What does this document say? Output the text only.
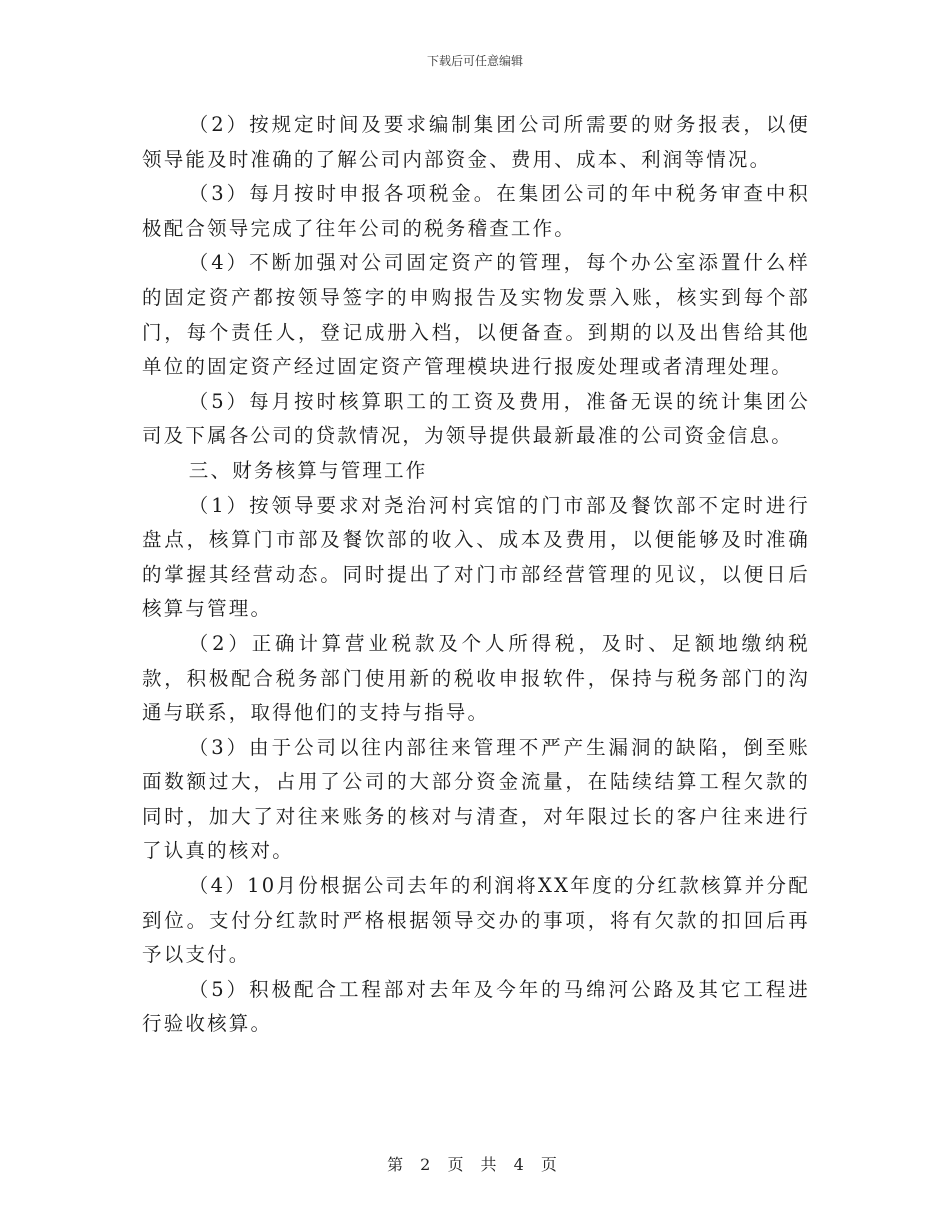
下载后可任意编辑

（2）按规定时间及要求编制集团公司所需要的财务报表，以便领导能及时准确的了解公司内部资金、费用、成本、利润等情况。

（3）每月按时申报各项税金。在集团公司的年中税务审查中积极配合领导完成了往年公司的税务稽查工作。

（4）不断加强对公司固定资产的管理，每个办公室添置什么样的固定资产都按领导签字的申购报告及实物发票入账，核实到每个部门，每个责任人，登记成册入档，以便备查。到期的以及出售给其他单位的固定资产经过固定资产管理模块进行报废处理或者清理处理。

（5）每月按时核算职工的工资及费用，准备无误的统计集团公司及下属各公司的贷款情况，为领导提供最新最准的公司资金信息。

三、财务核算与管理工作

（1）按领导要求对尧治河村宾馆的门市部及餐饮部不定时进行盘点，核算门市部及餐饮部的收入、成本及费用，以便能够及时准确的掌握其经营动态。同时提出了对门市部经营管理的见议，以便日后核算与管理。

（2）正确计算营业税款及个人所得税，及时、足额地缴纳税款，积极配合税务部门使用新的税收申报软件，保持与税务部门的沟通与联系，取得他们的支持与指导。

（3）由于公司以往内部往来管理不严产生漏洞的缺陷，倒至账面数额过大，占用了公司的大部分资金流量，在陆续结算工程欠款的同时，加大了对往来账务的核对与清查，对年限过长的客户往来进行了认真的核对。

（4）10月份根据公司去年的利润将XX年度的分红款核算并分配到位。支付分红款时严格根据领导交办的事项，将有欠款的扣回后再予以支付。

（5）积极配合工程部对去年及今年的马绵河公路及其它工程进行验收核算。

第 2 页 共 4 页
